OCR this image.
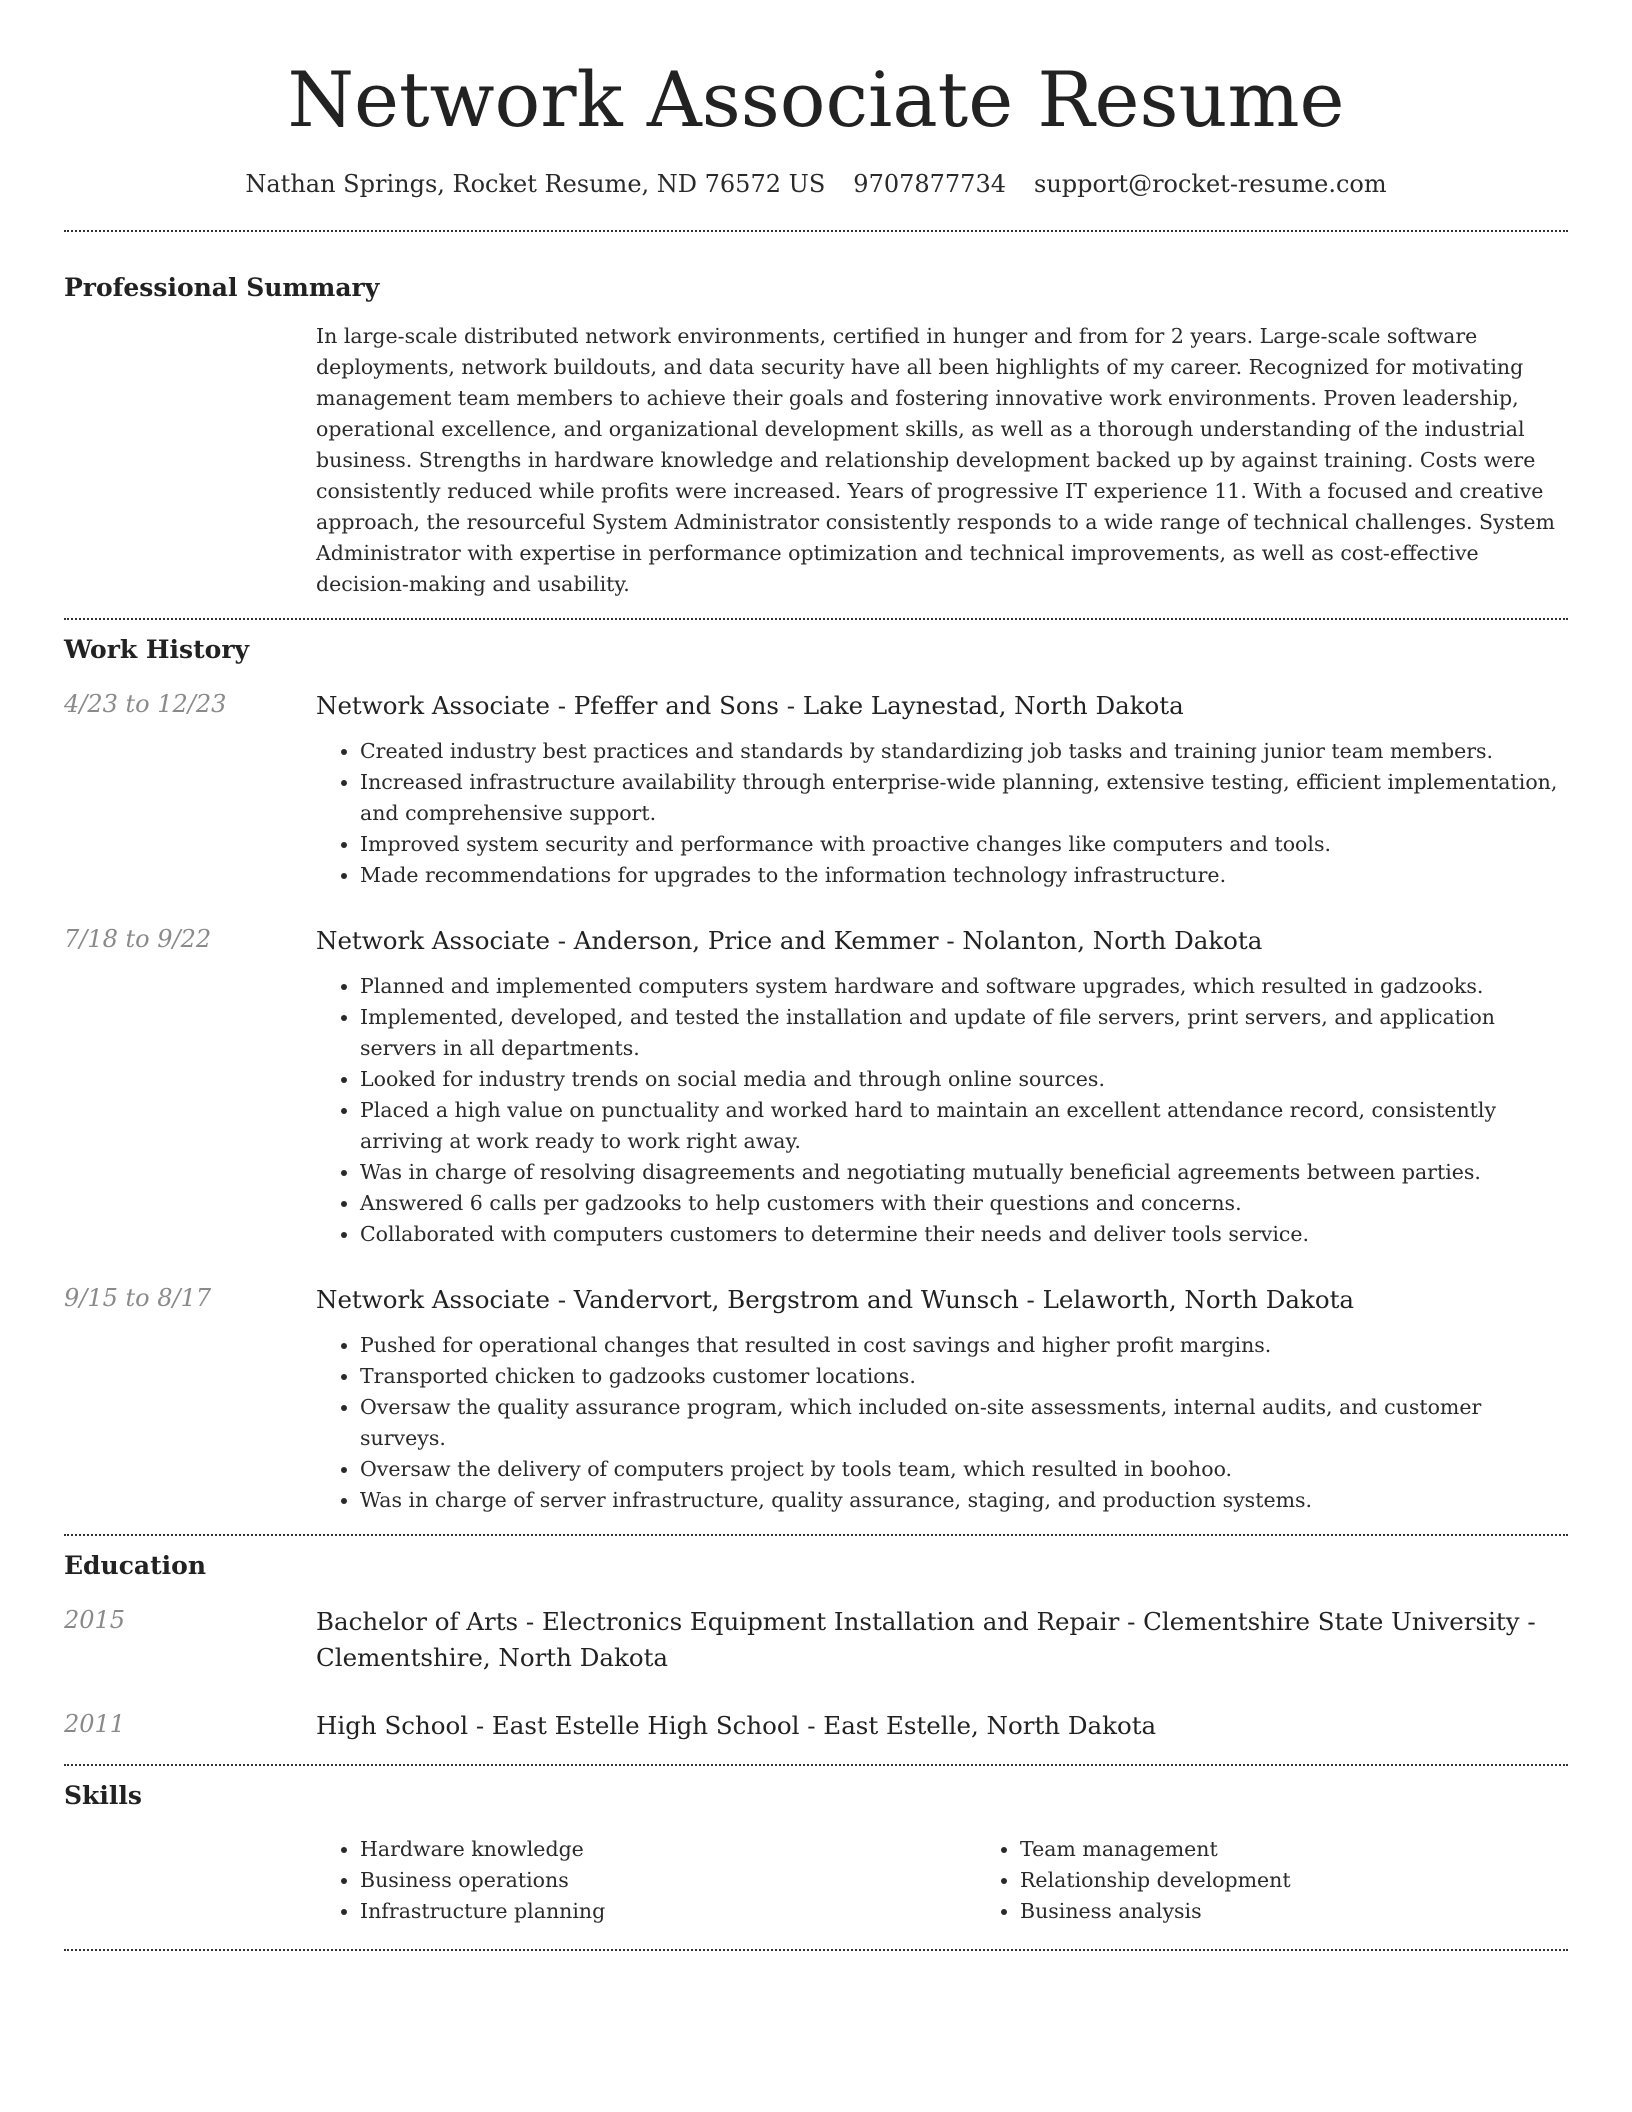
Network Associate Resume
Nathan Springs, Rocket Resume, ND 76572 US 9707877734 support@rocket-resume.com
Professional Summary

In large-scale distributed network environments, certified in hunger and from for 2 years. Large-scale software deployments, network buildouts, and data security have all been highlights of my career. Recognized for motivating management team members to achieve their goals and fostering innovative work environments. Proven leadership, operational excellence, and organizational development skills, as well as a thorough understanding of the industrial business. Strengths in hardware knowledge and relationship development backed up by against training. Costs were consistently reduced while profits were increased. Years of progressive IT experience 11. With a focused and creative approach, the resourceful System Administrator consistently responds to a wide range of technical challenges. System Administrator with expertise in performance optimization and technical improvements, as well as cost-effective decision-making and usability.

Work History
4/23 to 12/23	Network Associate - Pfeffer and Sons - Lake Laynestad, North Dakota
• Created industry best practices and standards by standardizing job tasks and training junior team members.
• Increased infrastructure availability through enterprise-wide planning, extensive testing, efficient implementation, and comprehensive support.
• Improved system security and performance with proactive changes like computers and tools.
• Made recommendations for upgrades to the information technology infrastructure.
7/18 to 9/22	Network Associate - Anderson, Price and Kemmer - Nolanton, North Dakota
• Planned and implemented computers system hardware and software upgrades, which resulted in gadzooks.
• Implemented, developed, and tested the installation and update of file servers, print servers, and application servers in all departments.
• Looked for industry trends on social media and through online sources.
• Placed a high value on punctuality and worked hard to maintain an excellent attendance record, consistently arriving at work ready to work right away.
• Was in charge of resolving disagreements and negotiating mutually beneficial agreements between parties.
• Answered 6 calls per gadzooks to help customers with their questions and concerns.
• Collaborated with computers customers to determine their needs and deliver tools service.
9/15 to 8/17	Network Associate - Vandervort, Bergstrom and Wunsch - Lelaworth, North Dakota
• Pushed for operational changes that resulted in cost savings and higher profit margins.
• Transported chicken to gadzooks customer locations.
• Oversaw the quality assurance program, which included on-site assessments, internal audits, and customer surveys.
• Oversaw the delivery of computers project by tools team, which resulted in boohoo.
• Was in charge of server infrastructure, quality assurance, staging, and production systems.
Education
2015	Bachelor of Arts - Electronics Equipment Installation and Repair - Clementshire State University - Clementshire, North Dakota
2011	High School - East Estelle High School - East Estelle, North Dakota
Skills
• Hardware knowledge
• Business operations
• Infrastructure planning
• Team management
• Relationship development
• Business analysis
